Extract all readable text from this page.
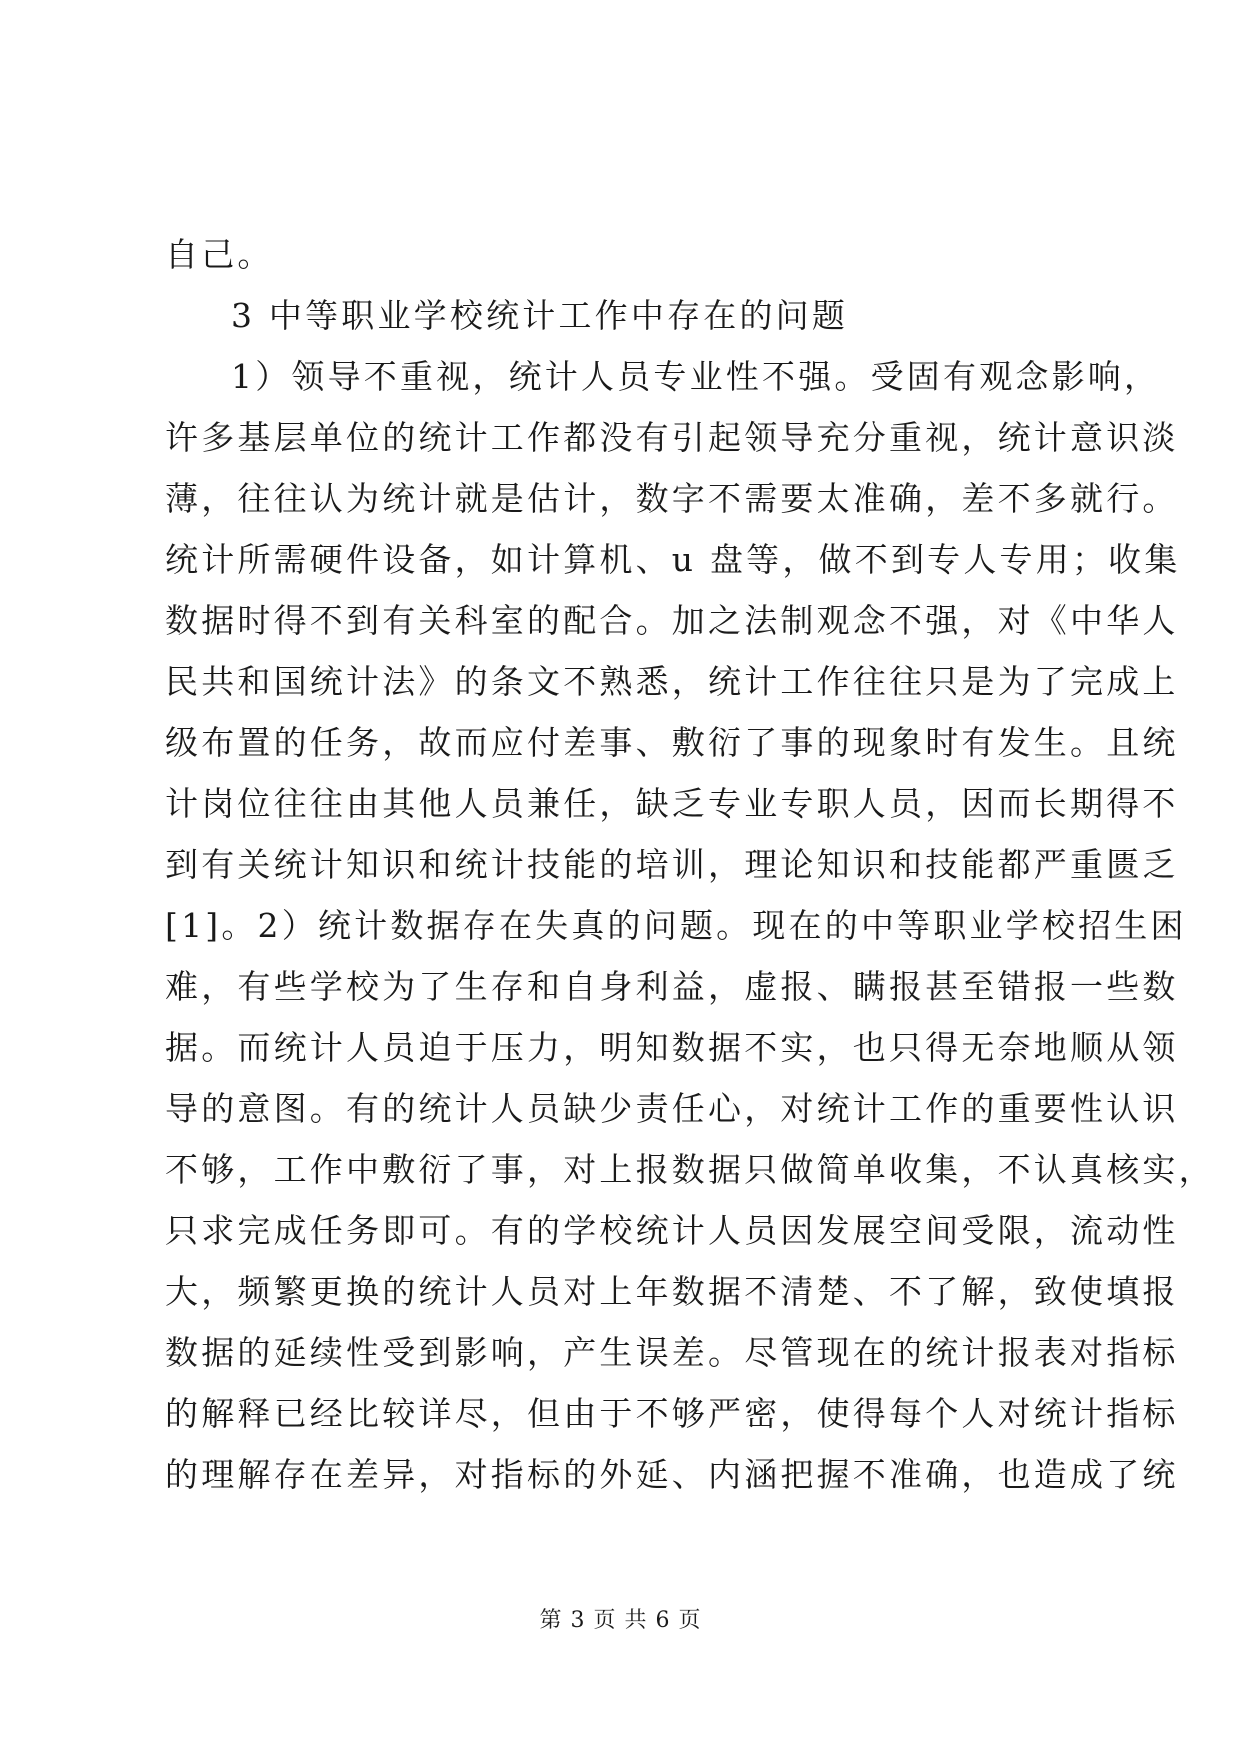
自己。
3 中等职业学校统计工作中存在的问题
1）领导不重视，统计人员专业性不强。受固有观念影响，
许多基层单位的统计工作都没有引起领导充分重视，统计意识淡
薄，往往认为统计就是估计，数字不需要太准确，差不多就行。
统计所需硬件设备，如计算机、u 盘等，做不到专人专用；收集
数据时得不到有关科室的配合。加之法制观念不强，对《中华人
民共和国统计法》的条文不熟悉，统计工作往往只是为了完成上
级布置的任务，故而应付差事、敷衍了事的现象时有发生。且统
计岗位往往由其他人员兼任，缺乏专业专职人员，因而长期得不
到有关统计知识和统计技能的培训，理论知识和技能都严重匮乏
[1]。2）统计数据存在失真的问题。现在的中等职业学校招生困
难，有些学校为了生存和自身利益，虚报、瞒报甚至错报一些数
据。而统计人员迫于压力，明知数据不实，也只得无奈地顺从领
导的意图。有的统计人员缺少责任心，对统计工作的重要性认识
不够，工作中敷衍了事，对上报数据只做简单收集，不认真核实，
只求完成任务即可。有的学校统计人员因发展空间受限，流动性
大，频繁更换的统计人员对上年数据不清楚、不了解，致使填报
数据的延续性受到影响，产生误差。尽管现在的统计报表对指标
的解释已经比较详尽，但由于不够严密，使得每个人对统计指标
的理解存在差异，对指标的外延、内涵把握不准确，也造成了统
第 3 页 共 6 页
